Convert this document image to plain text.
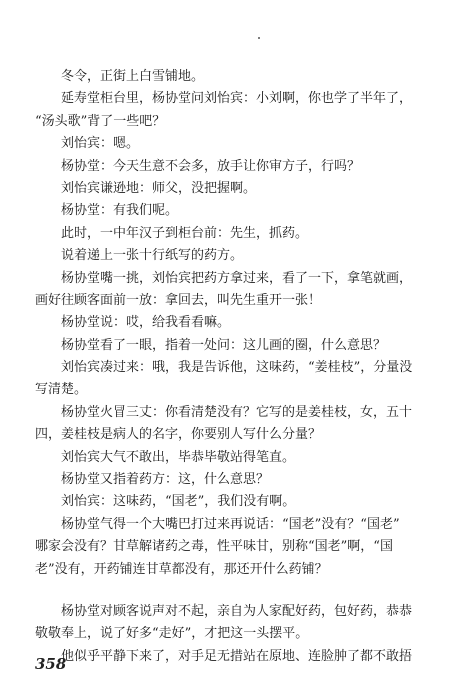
冬令，正街上白雪铺地。
延寿堂柜台里，杨协堂问刘怡宾：小刘啊，你也学了半年了，
“汤头歌”背了一些吧？
刘怡宾：嗯。
杨协堂：今天生意不会多，放手让你审方子，行吗？
刘怡宾谦逊地：师父，没把握啊。
杨协堂：有我们呢。
此时，一中年汉子到柜台前：先生，抓药。
说着递上一张十行纸写的药方。
杨协堂嘴一挑，刘怡宾把药方拿过来，看了一下，拿笔就画，
画好往顾客面前一放：拿回去，叫先生重开一张！
杨协堂说：哎，给我看看嘛。
杨协堂看了一眼，指着一处问：这儿画的圈，什么意思？
刘怡宾凑过来：哦，我是告诉他，这味药，“姜桂枝”，分量没
写清楚。
杨协堂火冒三丈：你看清楚没有？它写的是姜桂枝，女，五十
四，姜桂枝是病人的名字，你要别人写什么分量？
刘怡宾大气不敢出，毕恭毕敬站得笔直。
杨协堂又指着药方：这，什么意思？
刘怡宾：这味药，“国老”，我们没有啊。
杨协堂气得一个大嘴巴打过来再说话：“国老”没有？“国老”
哪家会没有？甘草解诸药之毒，性平味甘，别称“国老”啊，“国
老”没有，开药铺连甘草都没有，那还开什么药铺？
杨协堂对顾客说声对不起，亲自为人家配好药，包好药，恭恭
敬敬奉上，说了好多“走好”，才把这一头摆平。
他似乎平静下来了，对手足无措站在原地、连脸肿了都不敢捂
358
